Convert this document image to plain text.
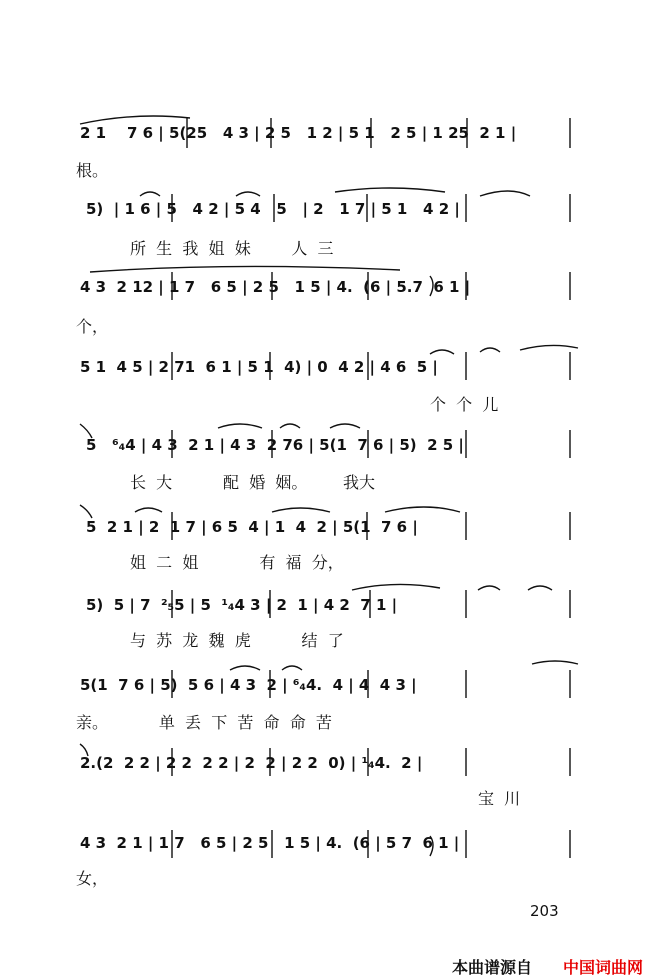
2 1    7 6 | 5(25   4 3 | 2 5   1 2 | 5 1   2 5 | 1 25  2 1 |
根。
5)  | 1 6 | 5   4 2 | 5 4   5   | 2   1 7 | 5 1   4 2 |
所  生  我  姐  妹        人  三
4 3  2 12 | 1 7   6 5 | 2 5   1 5 | 4.  (6 | 5.7  6 1 |
个，
5 1  4 5 | 2 71  6 1 | 5 1  4) | 0  4 2 | 4 6  5 |
个  个  儿
5   ⁶₄4 | 4 3  2 1 | 4 3  2 76 | 5(1  7 6 | 5)  2 5 |
长  大          配  婚  姻。       我大
5  2 1 | 2  1 7 | 6 5  4 | 1  4  2 | 5(1  7 6 |
姐  二  姐            有  福  分，
5)  5 | 7  ²₅5 | 5  ¹₄4 3 | 2  1 | 4 2  7 1 |
与  苏  龙  魏  虎          结  了
5(1  7 6 | 5)  5 6 | 4 3  2 | ⁶₄4.  4 | 4  4 3 |
亲。          单  丢  下  苦  命  命  苦
2.(2  2 2 | 2 2  2 2 | 2  2 | 2 2  0) | ¹₄4.  2 |
宝  川
4 3  2 1 | 1 7   6 5 | 2 5   1 5 | 4.  (6 | 5 7  6 1 |
女，
203
本曲谱源自 中国词曲网
